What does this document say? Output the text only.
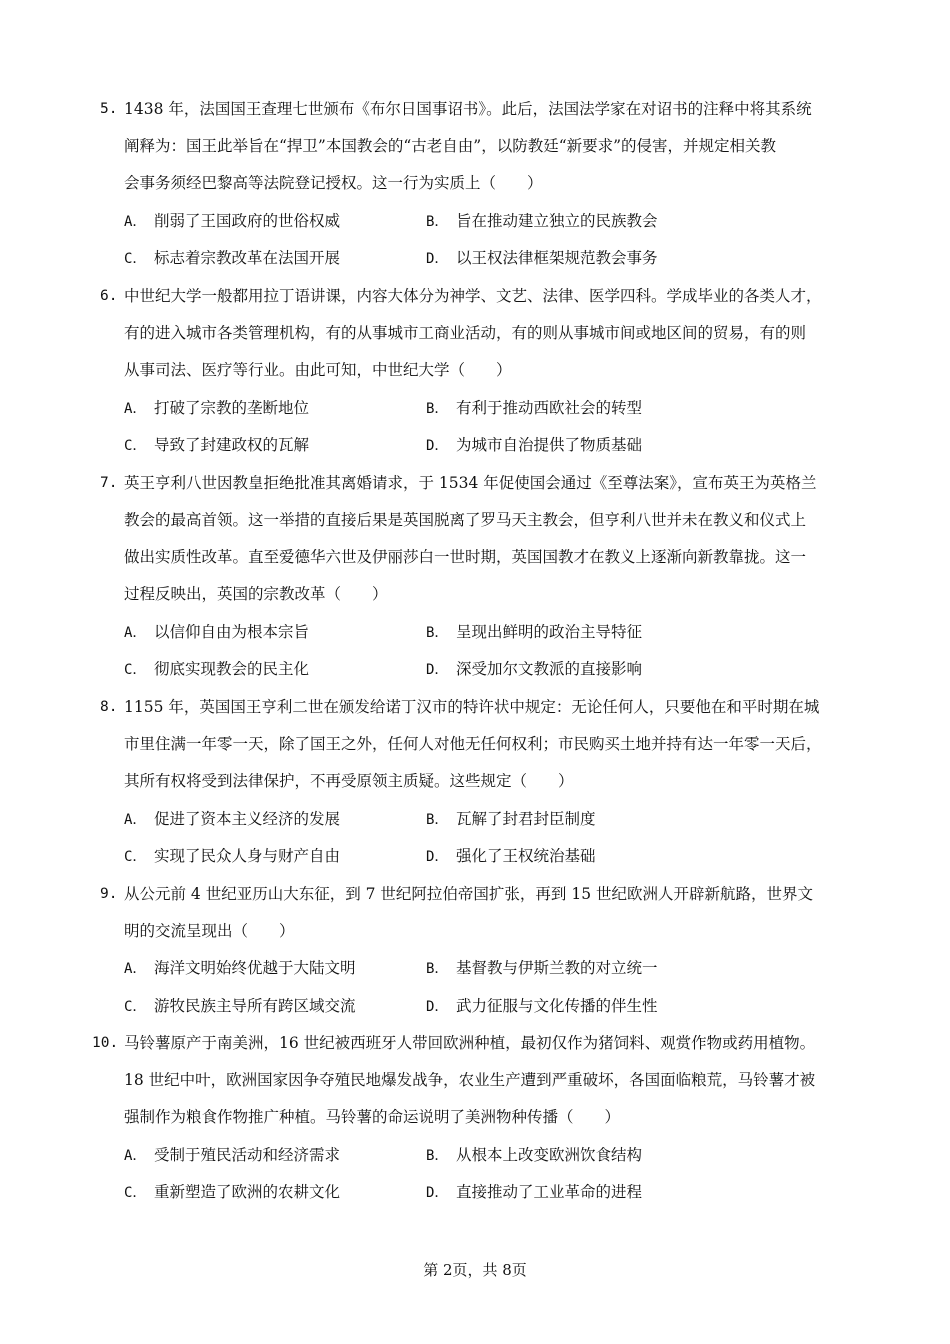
5. 1438 年，法国国王查理七世颁布《布尔日国事诏书》。此后，法国法学家在对诏书的注释中将其系统
阐释为：国王此举旨在“捍卫”本国教会的“古老自由”，以防教廷“新要求”的侵害，并规定相关教
会事务须经巴黎高等法院登记授权。这一行为实质上（　　）
A． 削弱了王国政府的世俗权威	B． 旨在推动建立独立的民族教会
C． 标志着宗教改革在法国开展	D． 以王权法律框架规范教会事务
6. 中世纪大学一般都用拉丁语讲课，内容大体分为神学、文艺、法律、医学四科。学成毕业的各类人才，
有的进入城市各类管理机构，有的从事城市工商业活动，有的则从事城市间或地区间的贸易，有的则
从事司法、医疗等行业。由此可知，中世纪大学（　　）
A． 打破了宗教的垄断地位	B． 有利于推动西欧社会的转型
C． 导致了封建政权的瓦解	D． 为城市自治提供了物质基础
7. 英王亨利八世因教皇拒绝批准其离婚请求，于 1534 年促使国会通过《至尊法案》，宣布英王为英格兰
教会的最高首领。这一举措的直接后果是英国脱离了罗马天主教会，但亨利八世并未在教义和仪式上
做出实质性改革。直至爱德华六世及伊丽莎白一世时期，英国国教才在教义上逐渐向新教靠拢。这一
过程反映出，英国的宗教改革（　　）
A． 以信仰自由为根本宗旨	B． 呈现出鲜明的政治主导特征
C． 彻底实现教会的民主化	D． 深受加尔文教派的直接影响
8. 1155 年，英国国王亨利二世在颁发给诺丁汉市的特许状中规定：无论任何人，只要他在和平时期在城
市里住满一年零一天，除了国王之外，任何人对他无任何权利；市民购买土地并持有达一年零一天后，
其所有权将受到法律保护，不再受原领主质疑。这些规定（　　）
A． 促进了资本主义经济的发展	B． 瓦解了封君封臣制度
C． 实现了民众人身与财产自由	D． 强化了王权统治基础
9. 从公元前 4 世纪亚历山大东征，到 7 世纪阿拉伯帝国扩张，再到 15 世纪欧洲人开辟新航路，世界文
明的交流呈现出（　　）
A． 海洋文明始终优越于大陆文明	B． 基督教与伊斯兰教的对立统一
C． 游牧民族主导所有跨区域交流	D． 武力征服与文化传播的伴生性
10. 马铃薯原产于南美洲，16 世纪被西班牙人带回欧洲种植，最初仅作为猪饲料、观赏作物或药用植物。
18 世纪中叶，欧洲国家因争夺殖民地爆发战争，农业生产遭到严重破坏，各国面临粮荒，马铃薯才被
强制作为粮食作物推广种植。马铃薯的命运说明了美洲物种传播（　　）
A． 受制于殖民活动和经济需求	B． 从根本上改变欧洲饮食结构
C． 重新塑造了欧洲的农耕文化	D． 直接推动了工业革命的进程
第 2页，共 8页
